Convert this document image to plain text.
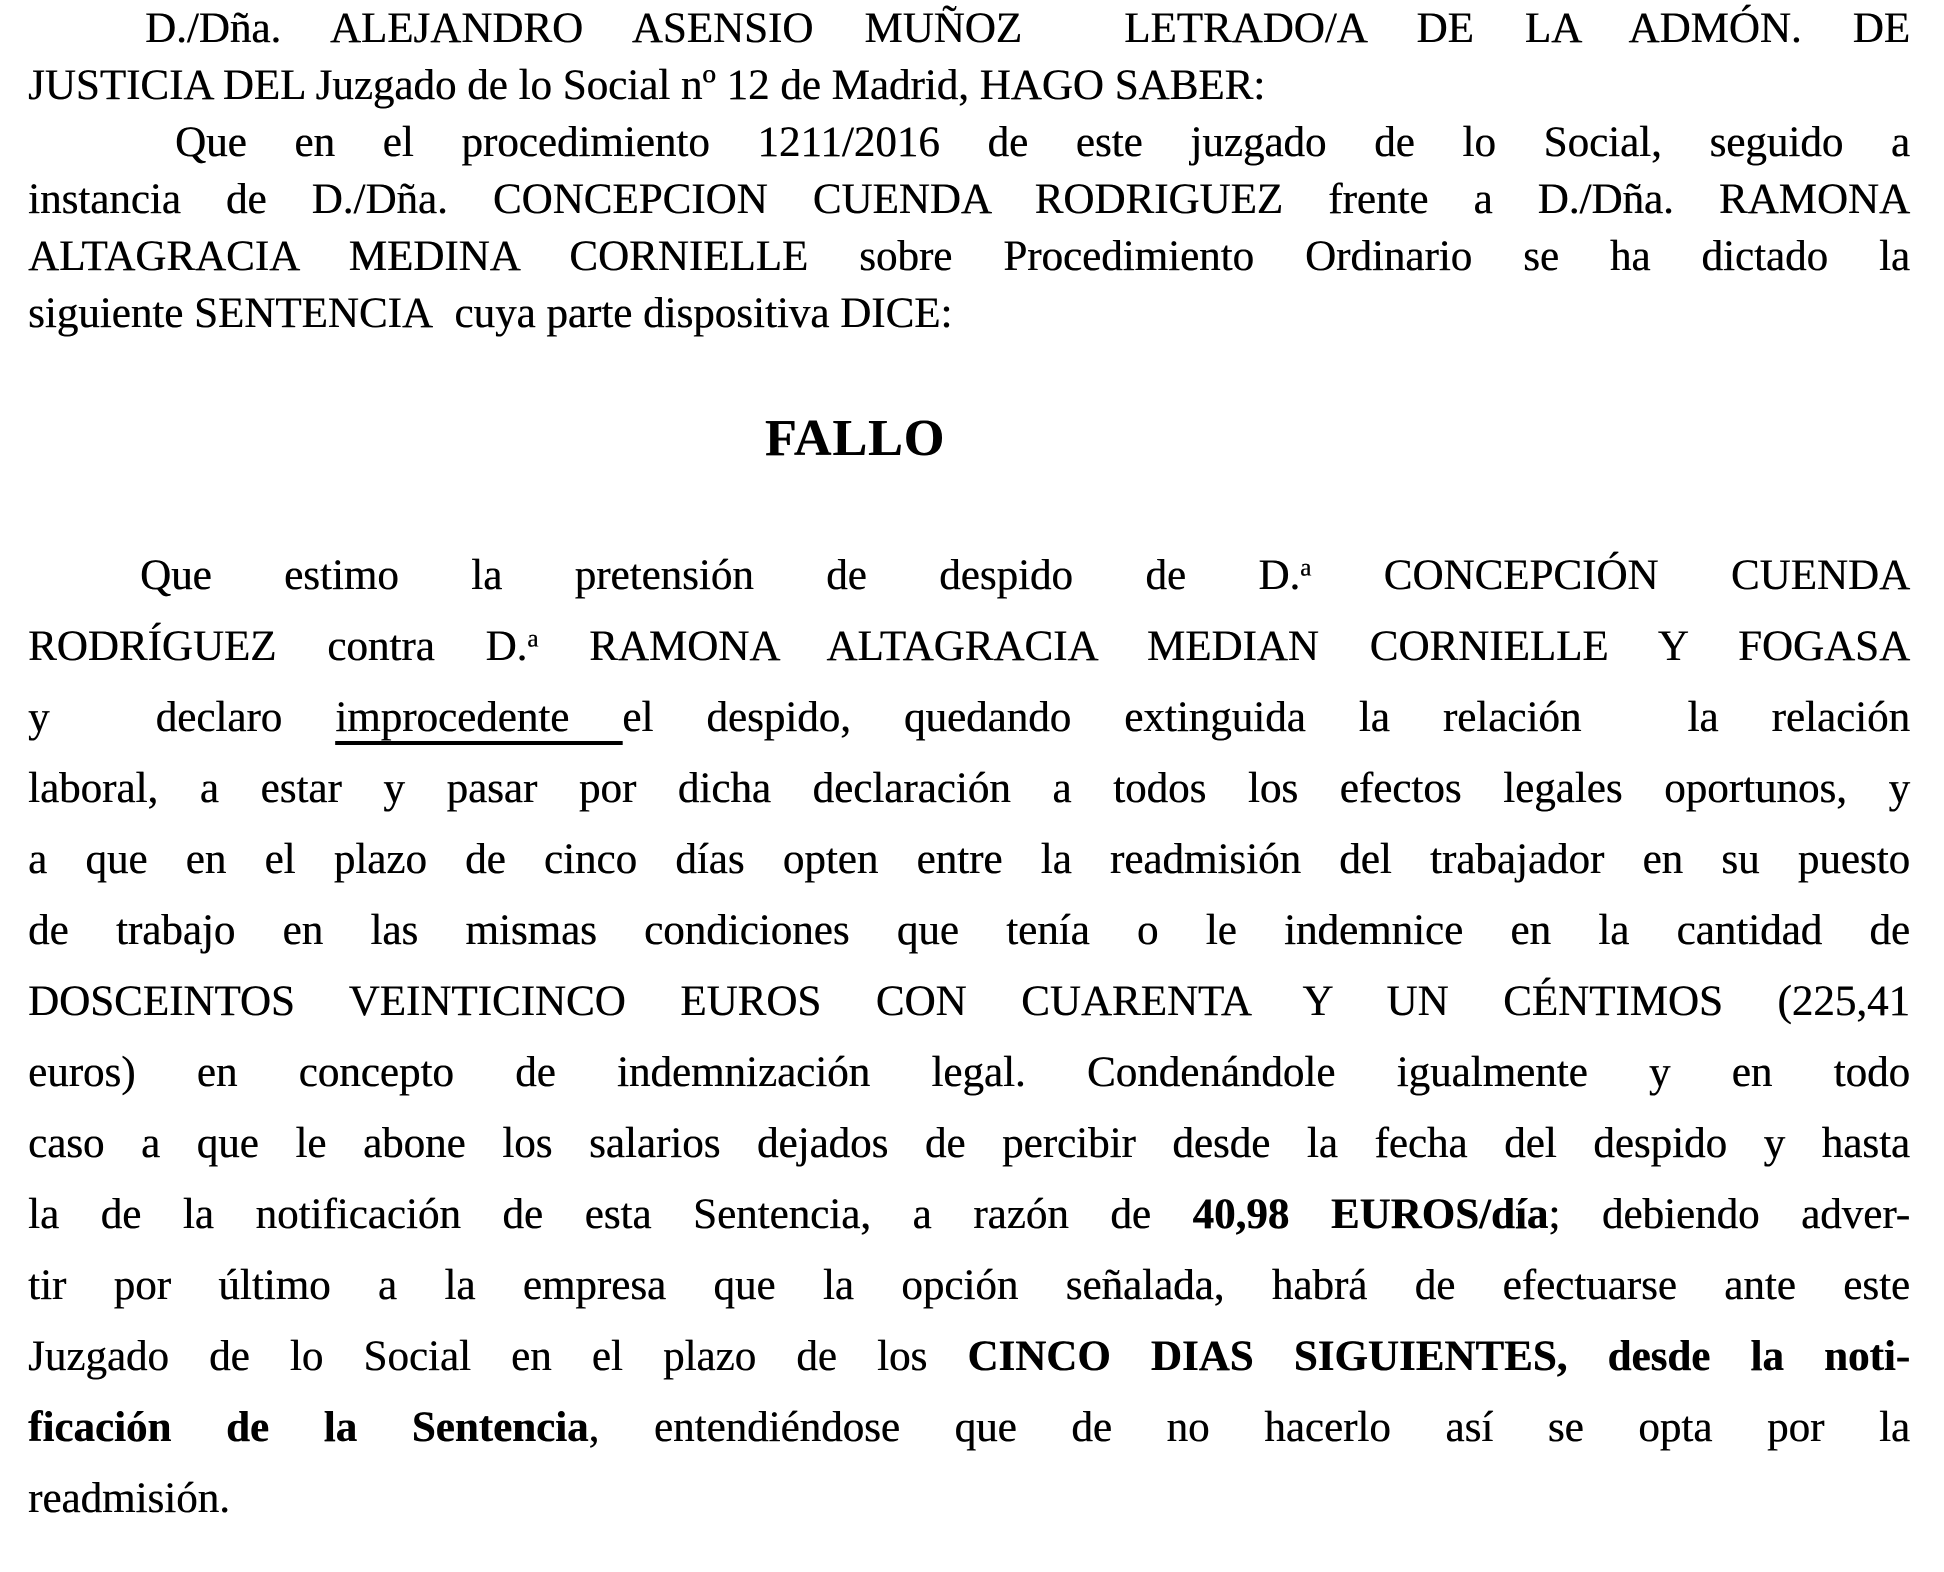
D./Dña. ALEJANDRO ASENSIO MUÑOZ  LETRADO/A DE LA ADMÓN. DE
JUSTICIA DEL Juzgado de lo Social nº 12 de Madrid, HAGO SABER:
Que en el procedimiento 1211/2016 de este juzgado de lo Social, seguido a
instancia de D./Dña. CONCEPCION CUENDA RODRIGUEZ frente a D./Dña. RAMONA
ALTAGRACIA MEDINA CORNIELLE sobre Procedimiento Ordinario se ha dictado la
siguiente SENTENCIA  cuya parte dispositiva DICE:
FALLO
Que estimo la pretensión de despido de D.$^a$ CONCEPCIÓN CUENDA
RODRÍGUEZ contra D.$^a$ RAMONA ALTAGRACIA MEDIAN CORNIELLE Y FOGASA
y  declaro improcedente el despido, quedando extinguida la relación  la relación
laboral, a estar y pasar por dicha declaración a todos los efectos legales oportunos, y
a que en el plazo de cinco días opten entre la readmisión del trabajador en su puesto
de trabajo en las mismas condiciones que tenía o le indemnice en la cantidad de
DOSCEINTOS VEINTICINCO EUROS CON CUARENTA Y UN CÉNTIMOS (225,41
euros) en concepto de indemnización legal. Condenándole igualmente y en todo
caso a que le abone los salarios dejados de percibir desde la fecha del despido y hasta
la de la notificación de esta Sentencia, a razón de 40,98 EUROS/día; debiendo adver-
tir por último a la empresa que la opción señalada, habrá de efectuarse ante este
Juzgado de lo Social en el plazo de los CINCO DIAS SIGUIENTES, desde la noti-
ficación de la Sentencia, entendiéndose que de no hacerlo así se opta por la
readmisión.
